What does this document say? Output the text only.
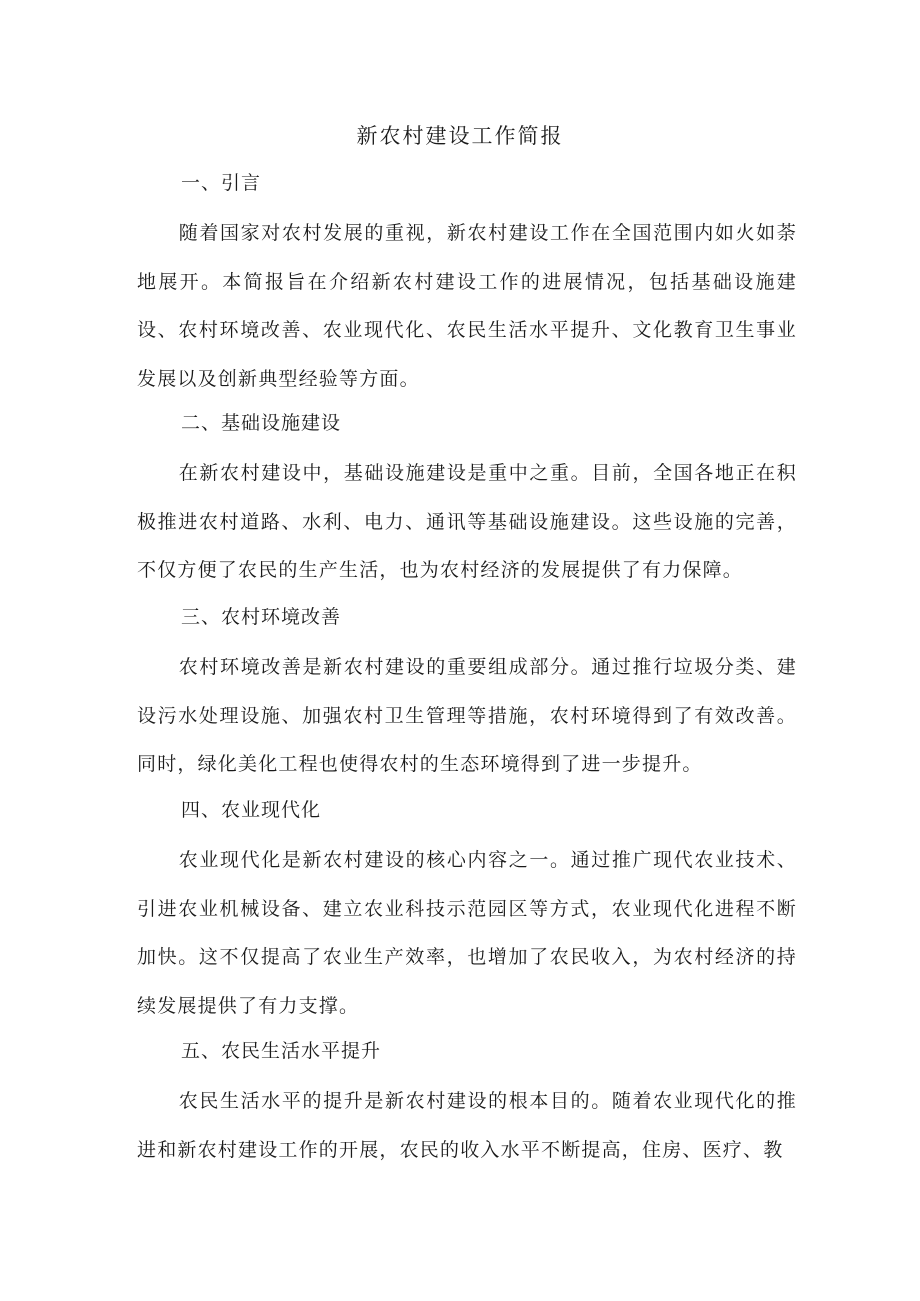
新农村建设工作简报
一、引言

随着国家对农村发展的重视，新农村建设工作在全国范围内如火如荼地展开。本简报旨在介绍新农村建设工作的进展情况，包括基础设施建设、农村环境改善、农业现代化、农民生活水平提升、文化教育卫生事业发展以及创新典型经验等方面。

二、基础设施建设

在新农村建设中，基础设施建设是重中之重。目前，全国各地正在积极推进农村道路、水利、电力、通讯等基础设施建设。这些设施的完善，不仅方便了农民的生产生活，也为农村经济的发展提供了有力保障。

三、农村环境改善

农村环境改善是新农村建设的重要组成部分。通过推行垃圾分类、建设污水处理设施、加强农村卫生管理等措施，农村环境得到了有效改善。同时，绿化美化工程也使得农村的生态环境得到了进一步提升。

四、农业现代化

农业现代化是新农村建设的核心内容之一。通过推广现代农业技术、引进农业机械设备、建立农业科技示范园区等方式，农业现代化进程不断加快。这不仅提高了农业生产效率，也增加了农民收入，为农村经济的持续发展提供了有力支撑。

五、农民生活水平提升

农民生活水平的提升是新农村建设的根本目的。随着农业现代化的推进和新农村建设工作的开展，农民的收入水平不断提高，住房、医疗、教
